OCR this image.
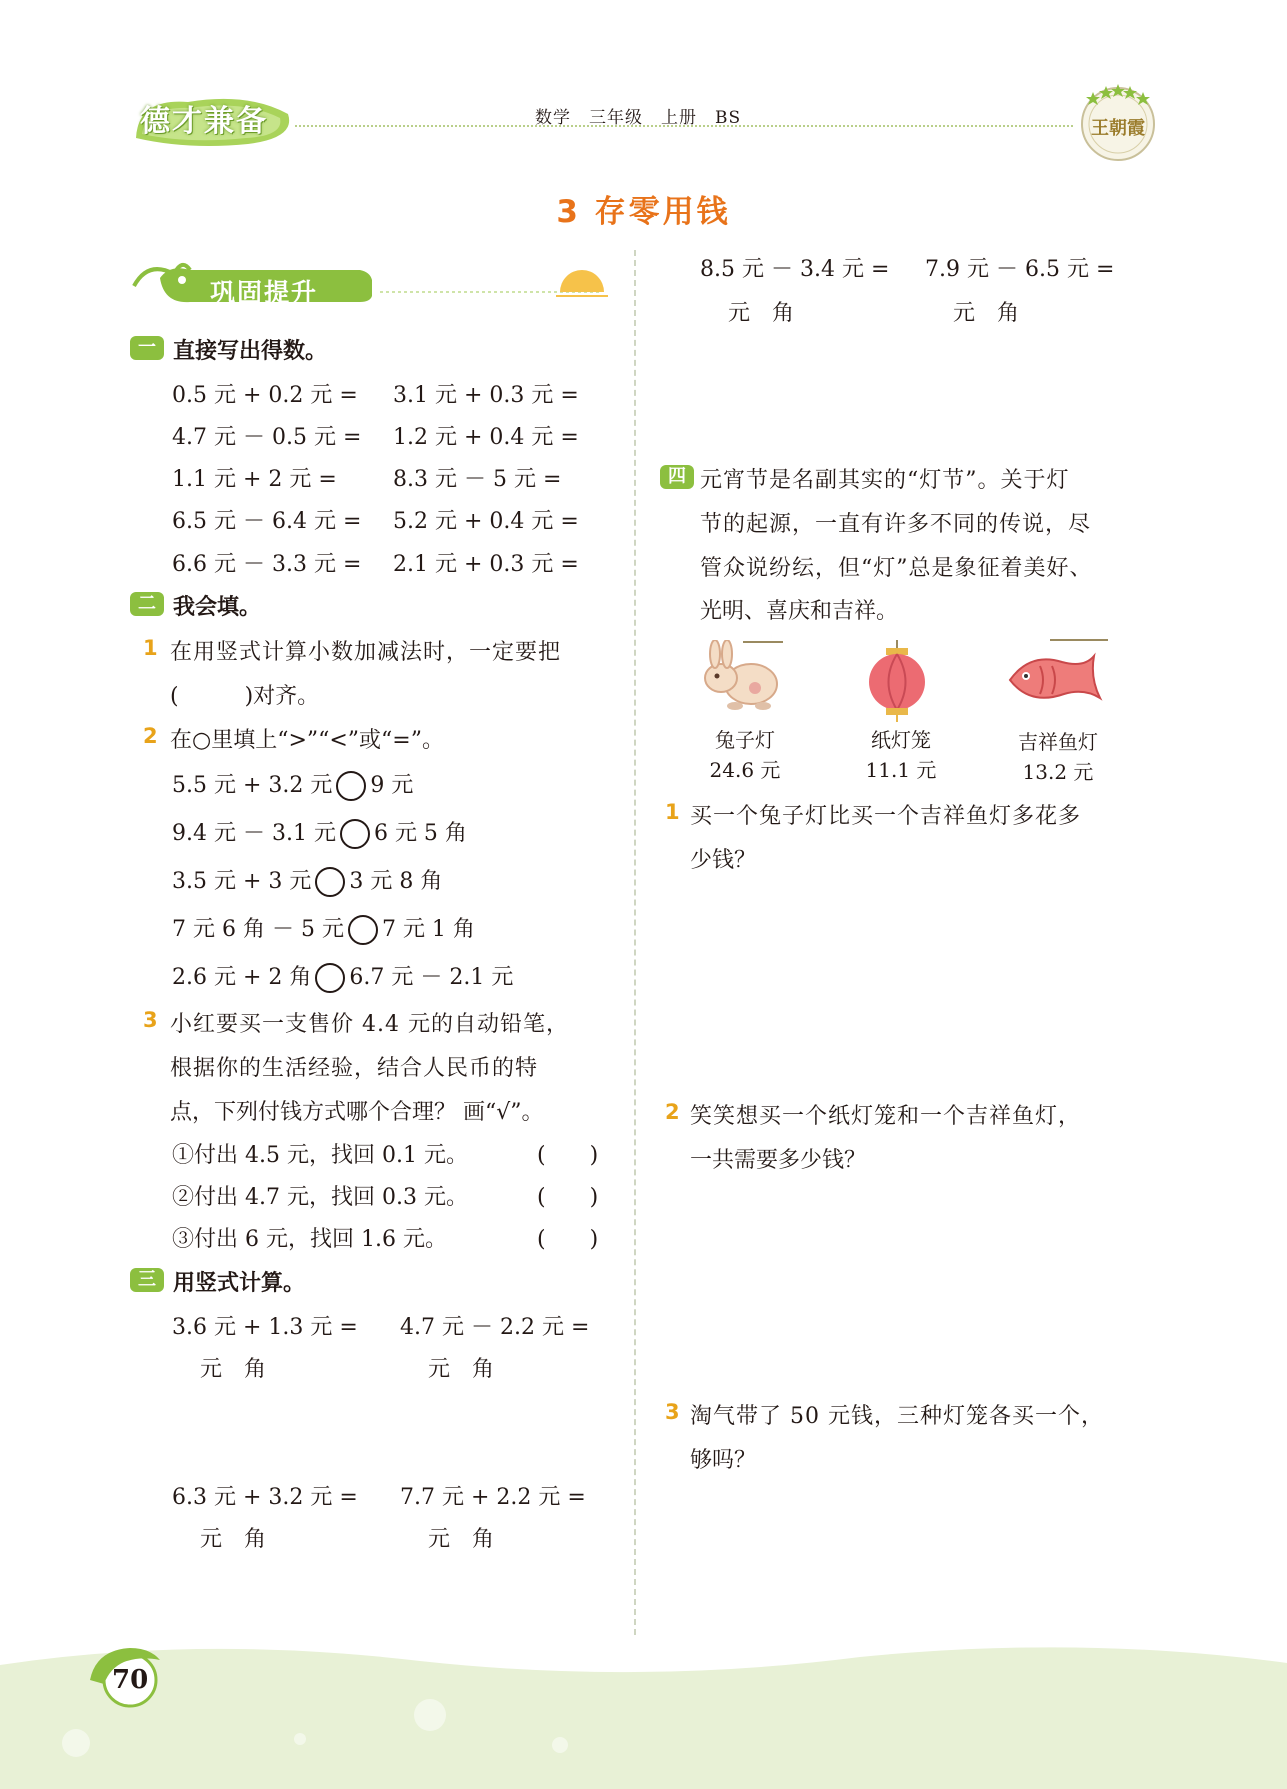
德才兼备	数学　三年级　上册　BS	王朝霞
3 存零用钱
巩固提升
一 直接写出得数。
0.5 元 + 0.2 元 = 3.1 元 + 0.3 元 =
4.7 元 － 0.5 元 = 1.2 元 + 0.4 元 =
1.1 元 + 2 元 =	8.3 元 － 5 元 =
6.5 元 － 6.4 元 = 5.2 元 + 0.4 元 =
6.6 元 － 3.3 元 = 2.1 元 + 0.3 元 =
二 我会填。
1 在用竖式计算小数加减法时，一定要把
(　　　)对齐。
2 在○里填上“>”“<”或“=”。
5.5 元 + 3.2 元 9 元
9.4 元 － 3.1 元 6 元 5 角
3.5 元 + 3 元 3 元 8 角
7 元 6 角 － 5 元 7 元 1 角
2.6 元 + 2 角 6.7 元 － 2.1 元
3 小红要买一支售价 4.4 元的自动铅笔，
根据你的生活经验，结合人民币的特
点，下列付钱方式哪个合理？ 画“√”。
①付出 4.5 元，找回 0.1 元。	(　　)
②付出 4.7 元，找回 0.3 元。	(　　)
③付出 6 元，找回 1.6 元。	(　　)
三 用竖式计算。
3.6 元 + 1.3 元 = 4.7 元 － 2.2 元 =
元　角	元　角
6.3 元 + 3.2 元 = 7.7 元 + 2.2 元 =
元　角	元　角
8.5 元 － 3.4 元 = 7.9 元 － 6.5 元 =
元　角	元　角
四 元宵节是名副其实的“灯节”。关于灯
节的起源，一直有许多不同的传说，尽
管众说纷纭，但“灯”总是象征着美好、
光明、喜庆和吉祥。
兔子灯
24.6 元
纸灯笼
11.1 元
吉祥鱼灯
13.2 元
1 买一个兔子灯比买一个吉祥鱼灯多花多
少钱？
2 笑笑想买一个纸灯笼和一个吉祥鱼灯，
一共需要多少钱？
3 淘气带了 50 元钱，三种灯笼各买一个，
够吗？
70
